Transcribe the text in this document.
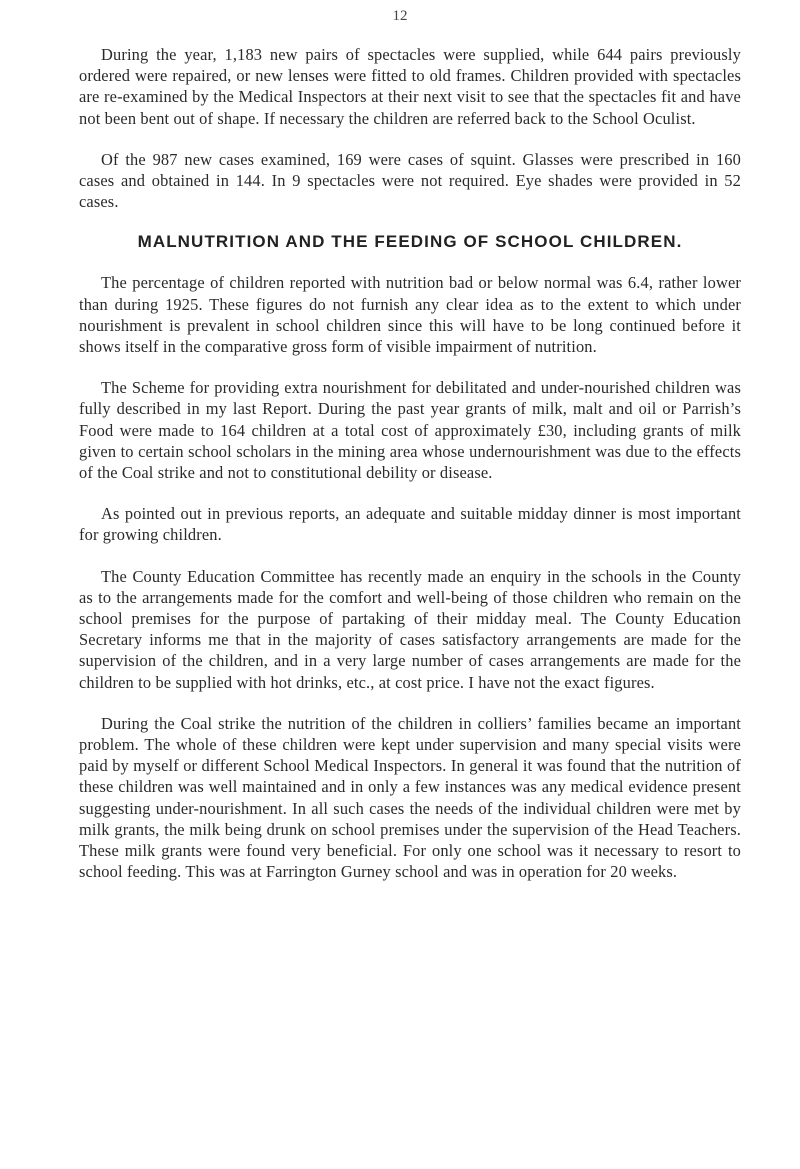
12

During the year, 1,183 new pairs of spectacles were supplied, while 644 pairs previously ordered were repaired, or new lenses were fitted to old frames. Children provided with spectacles are re-examined by the Medical Inspectors at their next visit to see that the spectacles fit and have not been bent out of shape. If necessary the children are referred back to the School Oculist.

Of the 987 new cases examined, 169 were cases of squint. Glasses were prescribed in 160 cases and obtained in 144. In 9 spectacles were not required. Eye shades were provided in 52 cases.

MALNUTRITION AND THE FEEDING OF SCHOOL CHILDREN.

The percentage of children reported with nutrition bad or below normal was 6.4, rather lower than during 1925. These figures do not furnish any clear idea as to the extent to which under nourishment is prevalent in school children since this will have to be long continued before it shows itself in the comparative gross form of visible impairment of nutrition.

The Scheme for providing extra nourishment for debilitated and under-nourished children was fully described in my last Report. During the past year grants of milk, malt and oil or Parrish’s Food were made to 164 children at a total cost of approximately £30, including grants of milk given to certain school scholars in the mining area whose undernourishment was due to the effects of the Coal strike and not to constitutional debility or disease.

As pointed out in previous reports, an adequate and suitable midday dinner is most important for growing children.

The County Education Committee has recently made an enquiry in the schools in the County as to the arrangements made for the comfort and well-being of those children who remain on the school premises for the purpose of partaking of their midday meal. The County Education Secretary informs me that in the majority of cases satisfactory arrangements are made for the supervision of the children, and in a very large number of cases arrangements are made for the children to be supplied with hot drinks, etc., at cost price. I have not the exact figures.

During the Coal strike the nutrition of the children in colliers’ families became an important problem. The whole of these children were kept under supervision and many special visits were paid by myself or different School Medical Inspectors. In general it was found that the nutrition of these children was well maintained and in only a few instances was any medical evidence present suggesting under-nourishment. In all such cases the needs of the individual children were met by milk grants, the milk being drunk on school premises under the supervision of the Head Teachers. These milk grants were found very beneficial. For only one school was it necessary to resort to school feeding. This was at Farrington Gurney school and was in operation for 20 weeks.
